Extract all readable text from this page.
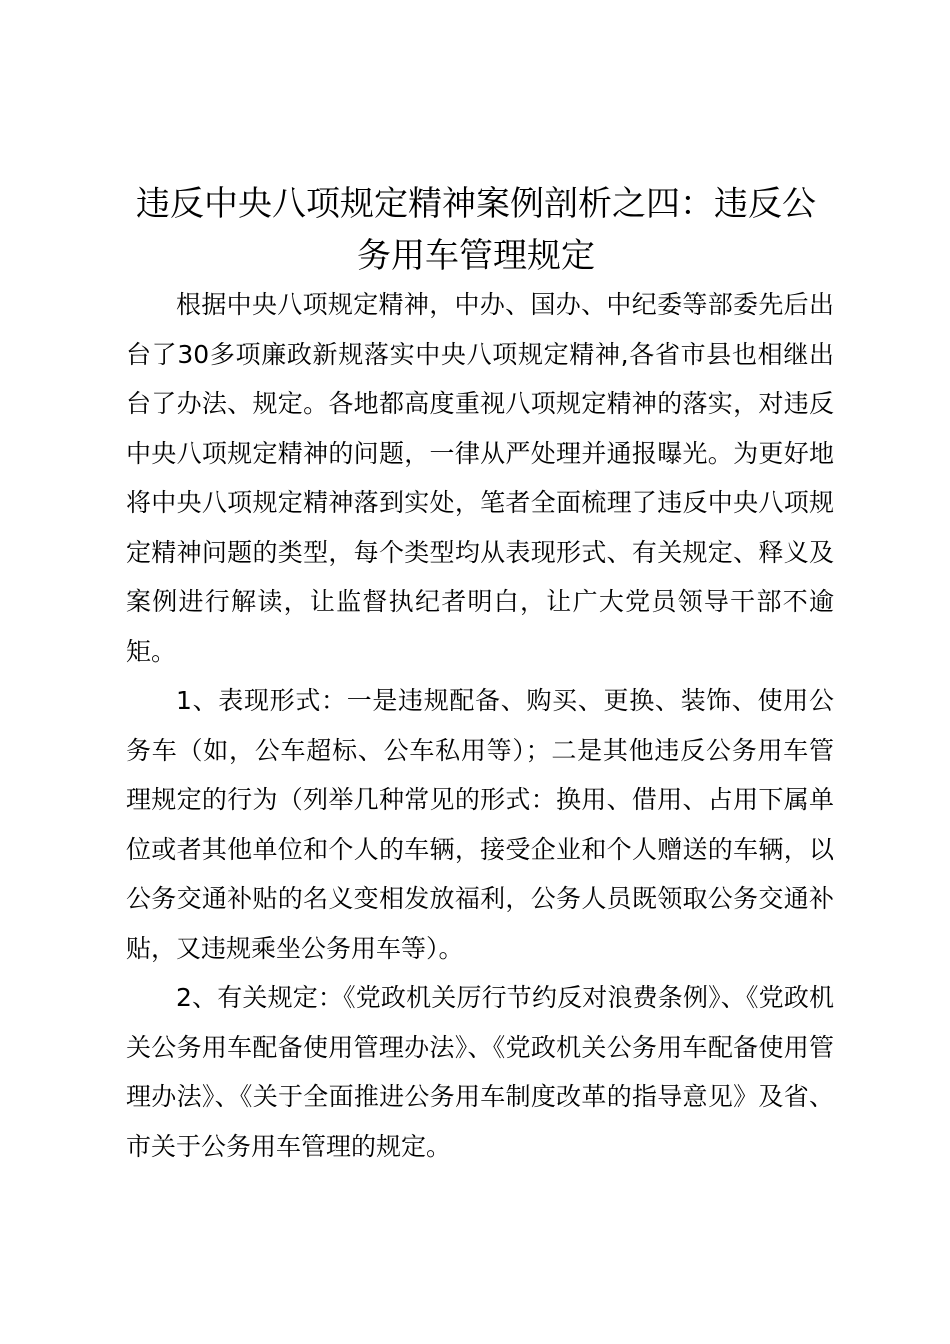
违反中央八项规定精神案例剖析之四：违反公务用车管理规定

根据中央八项规定精神，中办、国办、中纪委等部委先后出台了30多项廉政新规落实中央八项规定精神,各省市县也相继出台了办法、规定。各地都高度重视八项规定精神的落实，对违反中央八项规定精神的问题，一律从严处理并通报曝光。为更好地将中央八项规定精神落到实处，笔者全面梳理了违反中央八项规定精神问题的类型，每个类型均从表现形式、有关规定、释义及案例进行解读，让监督执纪者明白，让广大党员领导干部不逾矩。

1、表现形式：一是违规配备、购买、更换、装饰、使用公务车（如，公车超标、公车私用等）；二是其他违反公务用车管理规定的行为（列举几种常见的形式：换用、借用、占用下属单位或者其他单位和个人的车辆，接受企业和个人赠送的车辆，以公务交通补贴的名义变相发放福利，公务人员既领取公务交通补贴，又违规乘坐公务用车等）。

2、有关规定：《党政机关厉行节约反对浪费条例》、《党政机关公务用车配备使用管理办法》、《党政机关公务用车配备使用管理办法》、《关于全面推进公务用车制度改革的指导意见》及省、市关于公务用车管理的规定。
